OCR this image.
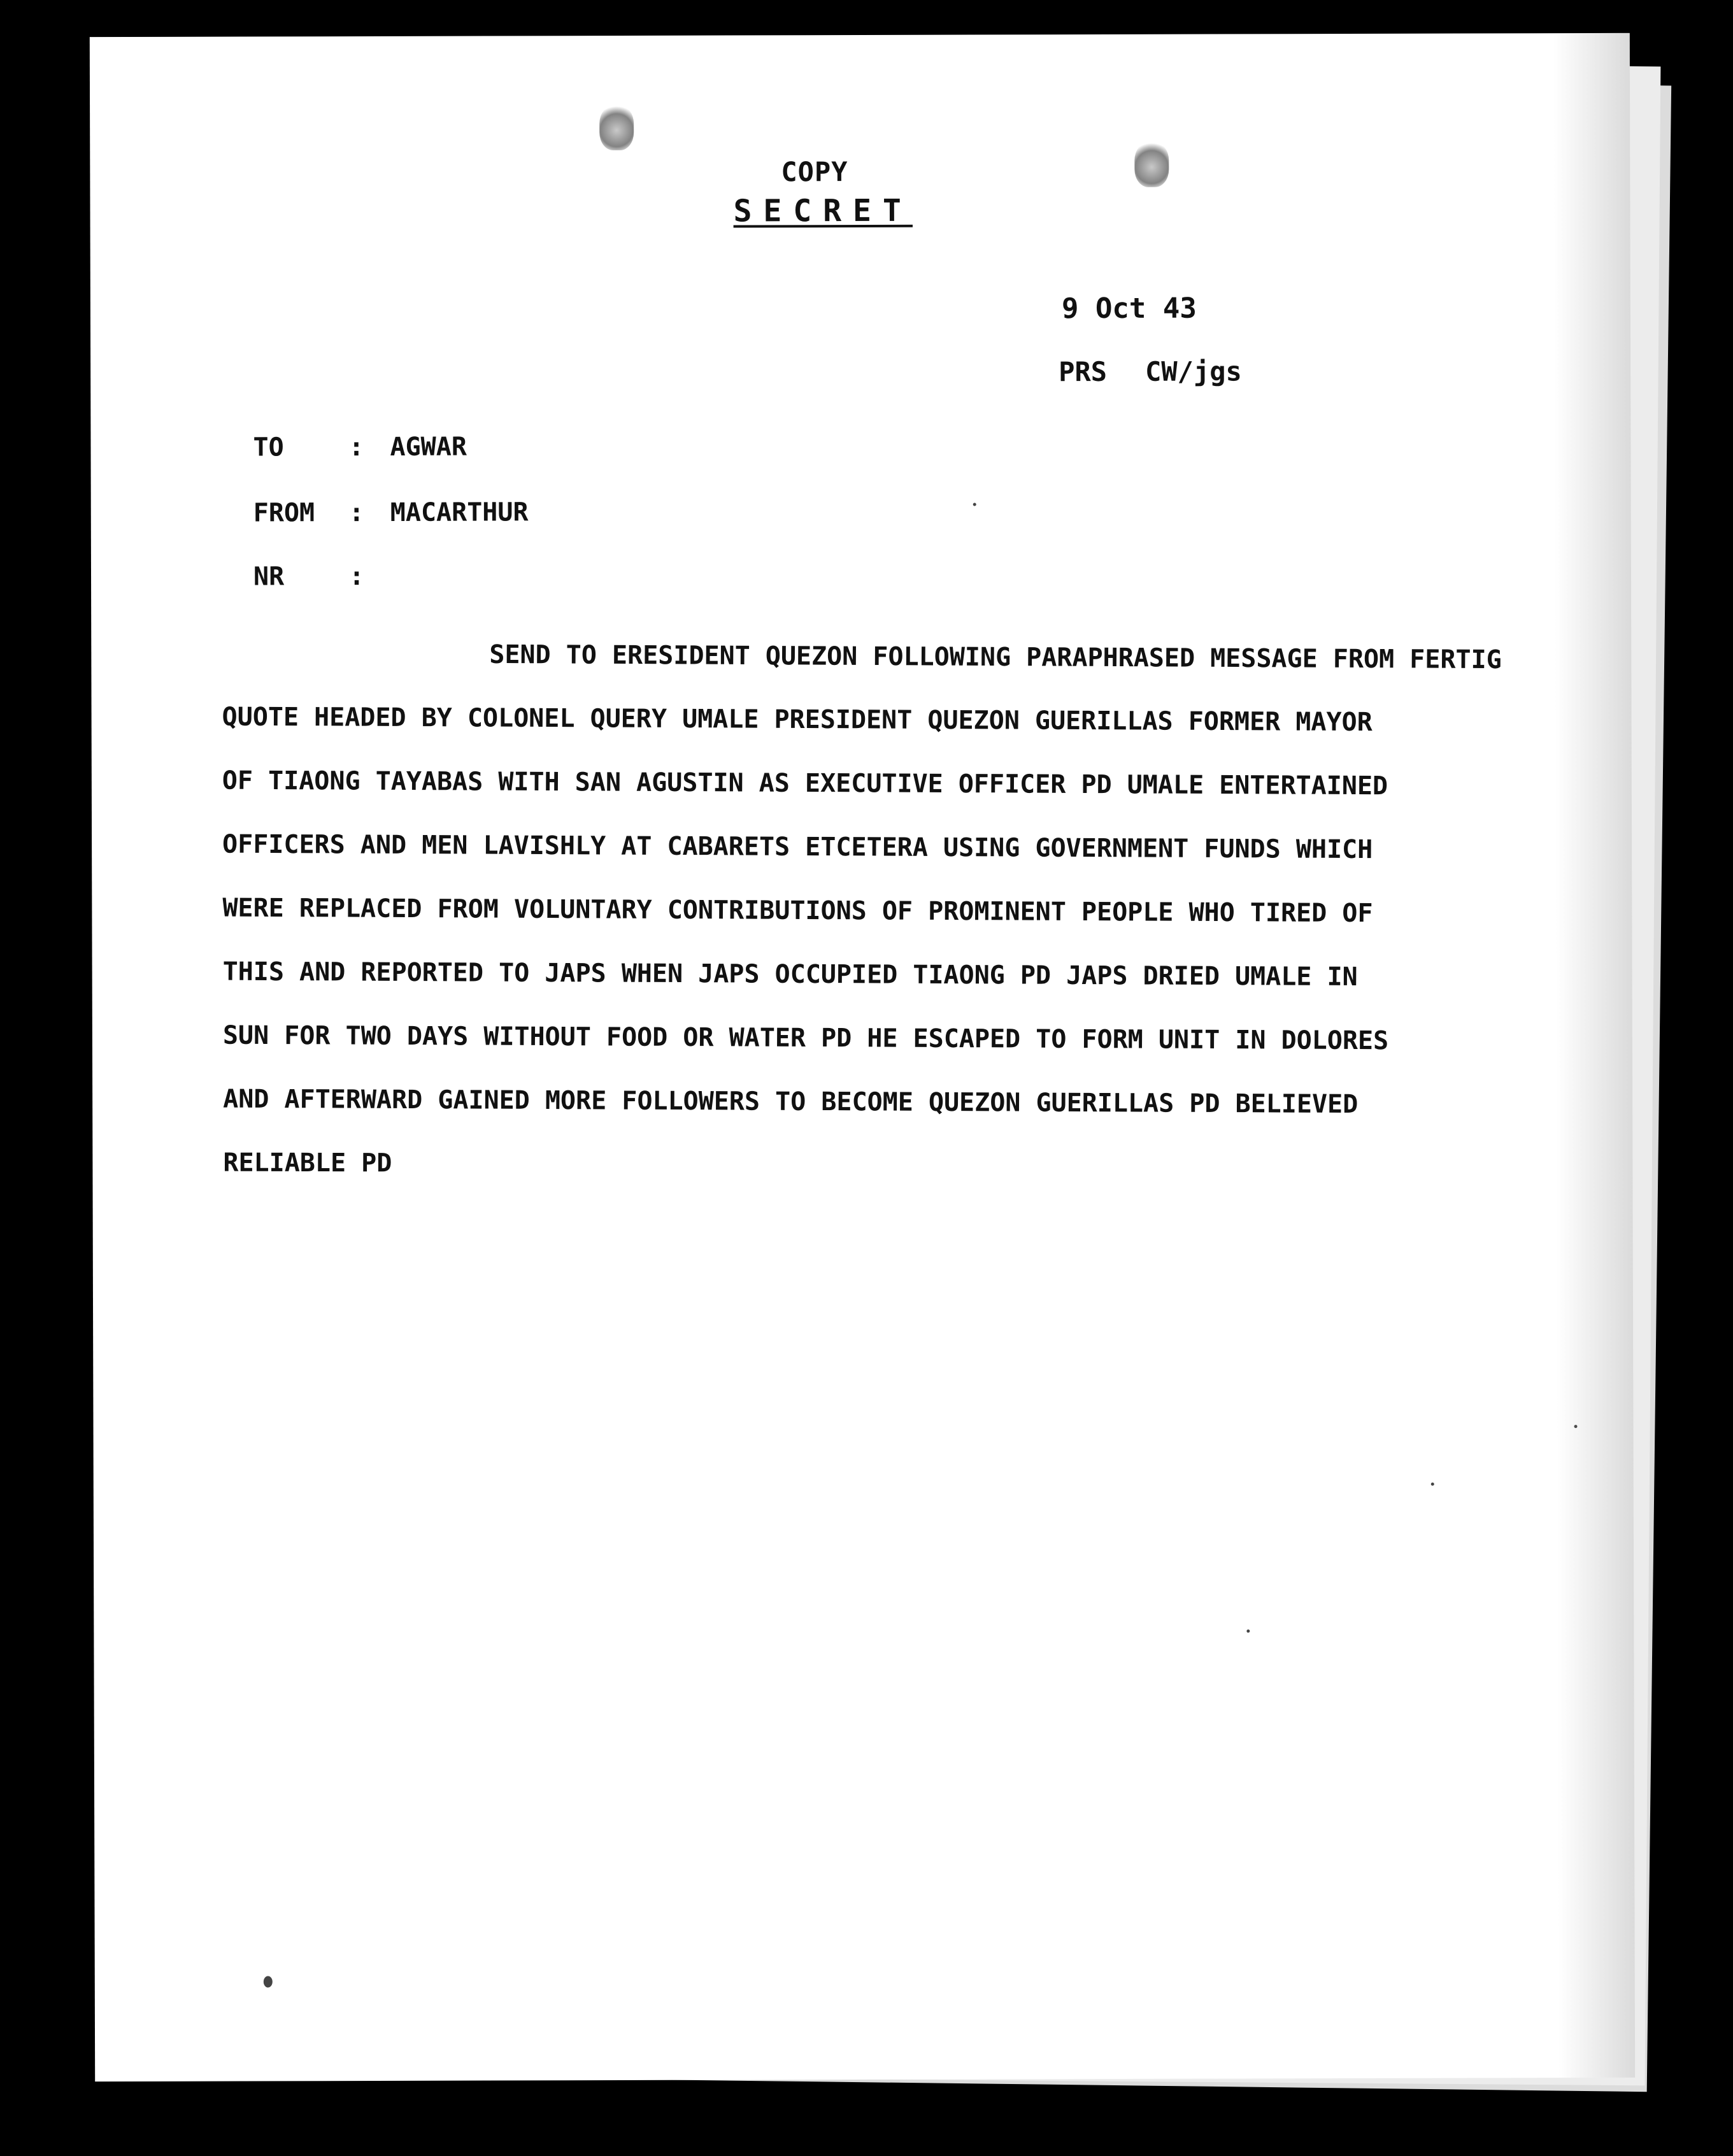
COPY
SECRET
9 Oct 43
PRS CW/jgs
TO	:	AGWAR
FROM	:	MACARTHUR
NR	:
SEND TO ERESIDENT QUEZON FOLLOWING PARAPHRASED MESSAGE FROM FERTIG
QUOTE HEADED BY COLONEL QUERY UMALE PRESIDENT QUEZON GUERILLAS FORMER MAYOR
OF TIAONG TAYABAS WITH SAN AGUSTIN AS EXECUTIVE OFFICER PD UMALE ENTERTAINED
OFFICERS AND MEN LAVISHLY AT CABARETS ETCETERA USING GOVERNMENT FUNDS WHICH
WERE REPLACED FROM VOLUNTARY CONTRIBUTIONS OF PROMINENT PEOPLE WHO TIRED OF
THIS AND REPORTED TO JAPS WHEN JAPS OCCUPIED TIAONG PD JAPS DRIED UMALE IN
SUN FOR TWO DAYS WITHOUT FOOD OR WATER PD HE ESCAPED TO FORM UNIT IN DOLORES
AND AFTERWARD GAINED MORE FOLLOWERS TO BECOME QUEZON GUERILLAS PD BELIEVED
RELIABLE PD
